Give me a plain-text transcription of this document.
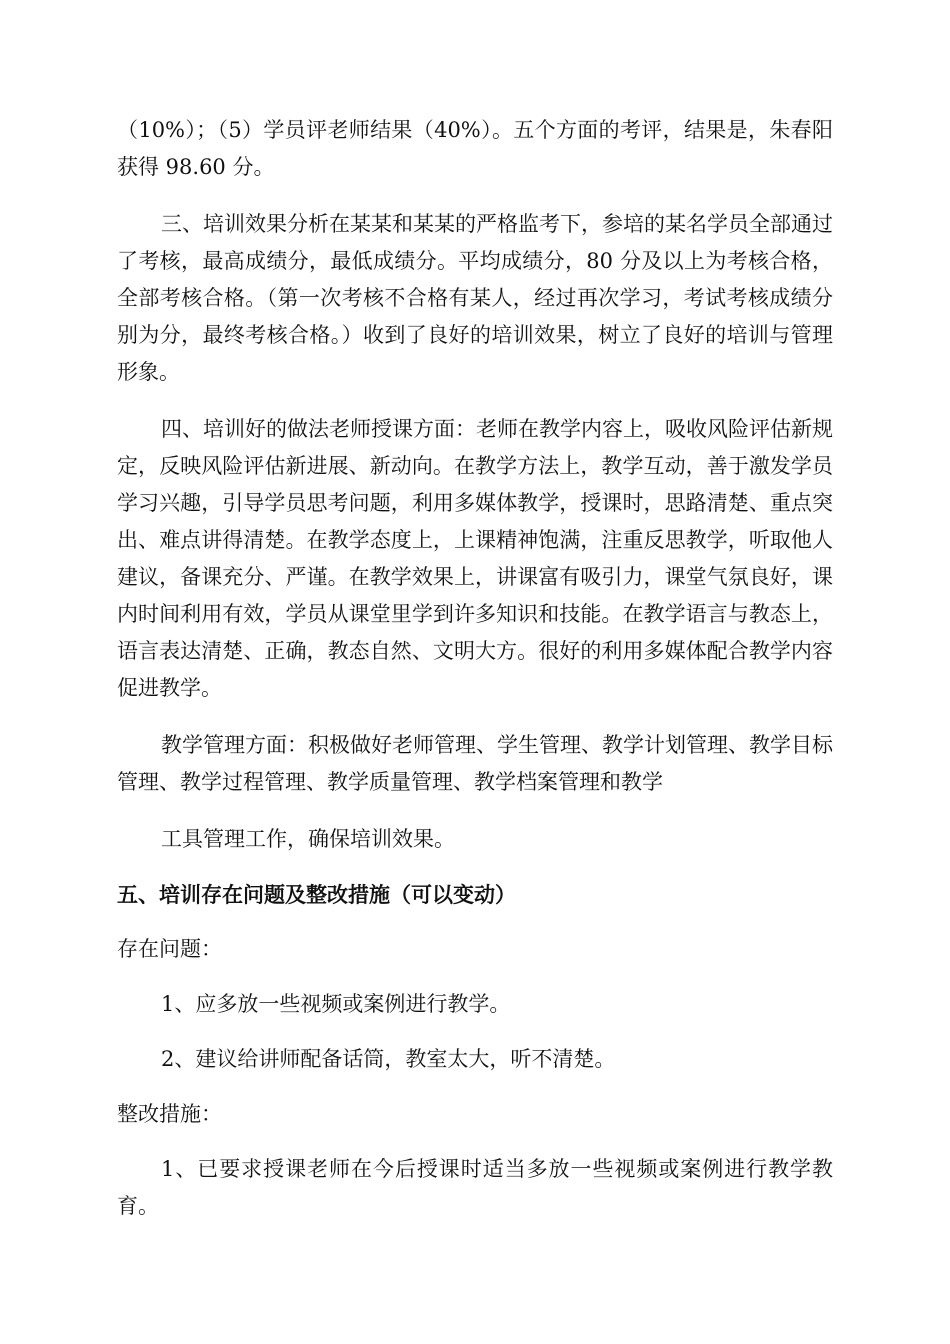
（10%）；（5）学员评老师结果（40%）。五个方面的考评，结果是，朱春阳获得 98.60 分。

三、培训效果分析在某某和某某的严格监考下，参培的某名学员全部通过了考核，最高成绩分，最低成绩分。平均成绩分，80 分及以上为考核合格，全部考核合格。（第一次考核不合格有某人，经过再次学习，考试考核成绩分别为分，最终考核合格。）收到了良好的培训效果，树立了良好的培训与管理形象。

四、培训好的做法老师授课方面：老师在教学内容上，吸收风险评估新规定，反映风险评估新进展、新动向。在教学方法上，教学互动，善于激发学员学习兴趣，引导学员思考问题，利用多媒体教学，授课时，思路清楚、重点突出、难点讲得清楚。在教学态度上，上课精神饱满，注重反思教学，听取他人建议，备课充分、严谨。在教学效果上，讲课富有吸引力，课堂气氛良好，课内时间利用有效，学员从课堂里学到许多知识和技能。在教学语言与教态上，语言表达清楚、正确，教态自然、文明大方。很好的利用多媒体配合教学内容促进教学。

教学管理方面：积极做好老师管理、学生管理、教学计划管理、教学目标管理、教学过程管理、教学质量管理、教学档案管理和教学

工具管理工作，确保培训效果。

五、培训存在问题及整改措施（可以变动）

存在问题：

1、应多放一些视频或案例进行教学。

2、建议给讲师配备话筒，教室太大，听不清楚。

整改措施：

1、已要求授课老师在今后授课时适当多放一些视频或案例进行教学教育。
